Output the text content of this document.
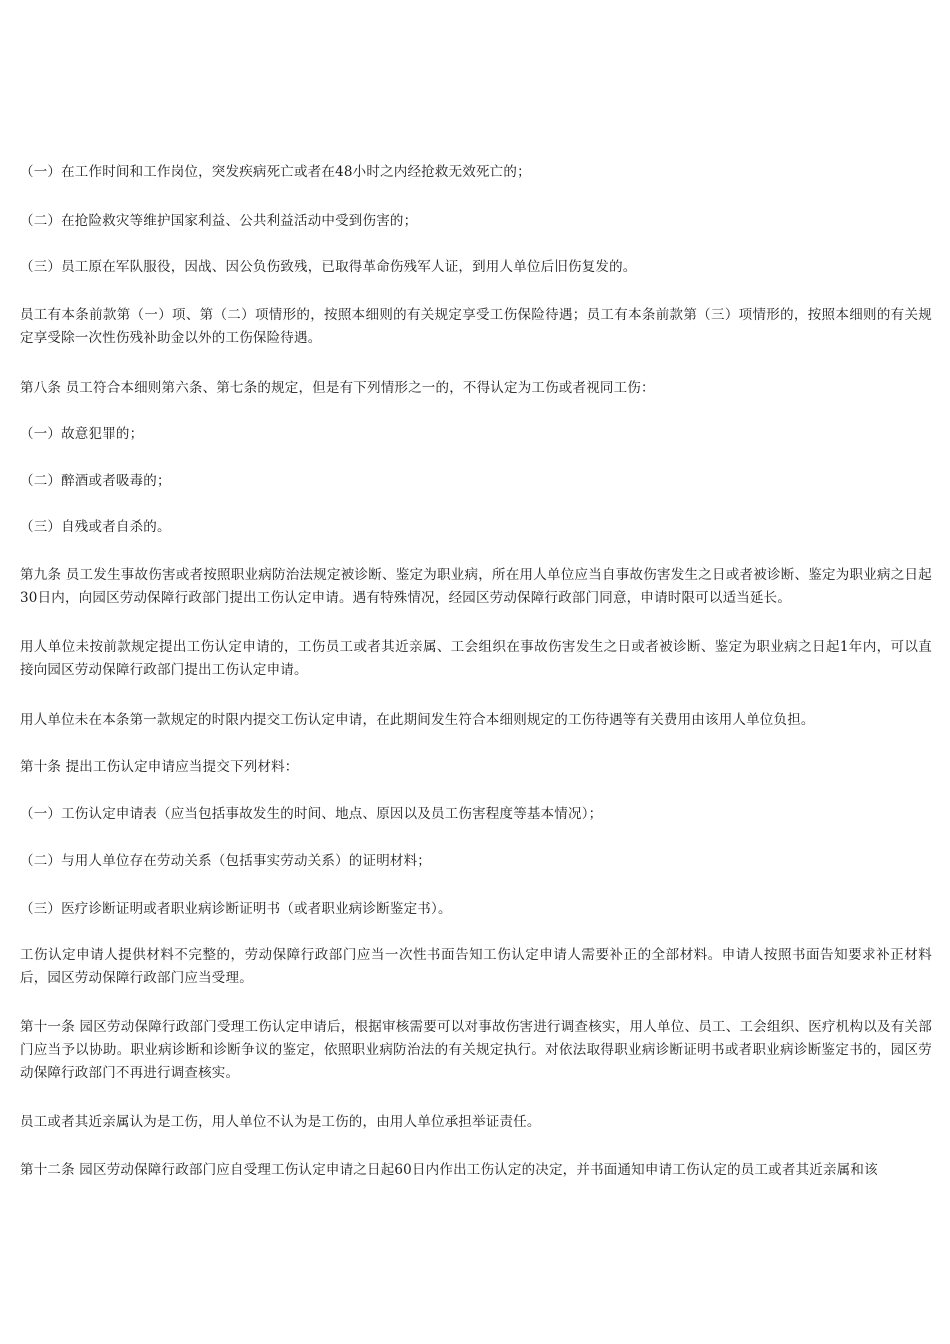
（一）在工作时间和工作岗位，突发疾病死亡或者在48小时之内经抢救无效死亡的；

（二）在抢险救灾等维护国家利益、公共利益活动中受到伤害的；

（三）员工原在军队服役，因战、因公负伤致残，已取得革命伤残军人证，到用人单位后旧伤复发的。

员工有本条前款第（一）项、第（二）项情形的，按照本细则的有关规定享受工伤保险待遇；员工有本条前款第（三）项情形的，按照本细则的有关规定享受除一次性伤残补助金以外的工伤保险待遇。

第八条 员工符合本细则第六条、第七条的规定，但是有下列情形之一的，不得认定为工伤或者视同工伤：

（一）故意犯罪的；

（二）醉酒或者吸毒的；

（三）自残或者自杀的。

第九条 员工发生事故伤害或者按照职业病防治法规定被诊断、鉴定为职业病，所在用人单位应当自事故伤害发生之日或者被诊断、鉴定为职业病之日起30日内，向园区劳动保障行政部门提出工伤认定申请。遇有特殊情况，经园区劳动保障行政部门同意，申请时限可以适当延长。

用人单位未按前款规定提出工伤认定申请的，工伤员工或者其近亲属、工会组织在事故伤害发生之日或者被诊断、鉴定为职业病之日起1年内，可以直接向园区劳动保障行政部门提出工伤认定申请。

用人单位未在本条第一款规定的时限内提交工伤认定申请，在此期间发生符合本细则规定的工伤待遇等有关费用由该用人单位负担。

第十条 提出工伤认定申请应当提交下列材料：

（一）工伤认定申请表（应当包括事故发生的时间、地点、原因以及员工伤害程度等基本情况）；

（二）与用人单位存在劳动关系（包括事实劳动关系）的证明材料；

（三）医疗诊断证明或者职业病诊断证明书（或者职业病诊断鉴定书）。

工伤认定申请人提供材料不完整的，劳动保障行政部门应当一次性书面告知工伤认定申请人需要补正的全部材料。申请人按照书面告知要求补正材料后，园区劳动保障行政部门应当受理。

第十一条 园区劳动保障行政部门受理工伤认定申请后，根据审核需要可以对事故伤害进行调查核实，用人单位、员工、工会组织、医疗机构以及有关部门应当予以协助。职业病诊断和诊断争议的鉴定，依照职业病防治法的有关规定执行。对依法取得职业病诊断证明书或者职业病诊断鉴定书的，园区劳动保障行政部门不再进行调查核实。

员工或者其近亲属认为是工伤，用人单位不认为是工伤的，由用人单位承担举证责任。

第十二条 园区劳动保障行政部门应自受理工伤认定申请之日起60日内作出工伤认定的决定，并书面通知申请工伤认定的员工或者其近亲属和该
